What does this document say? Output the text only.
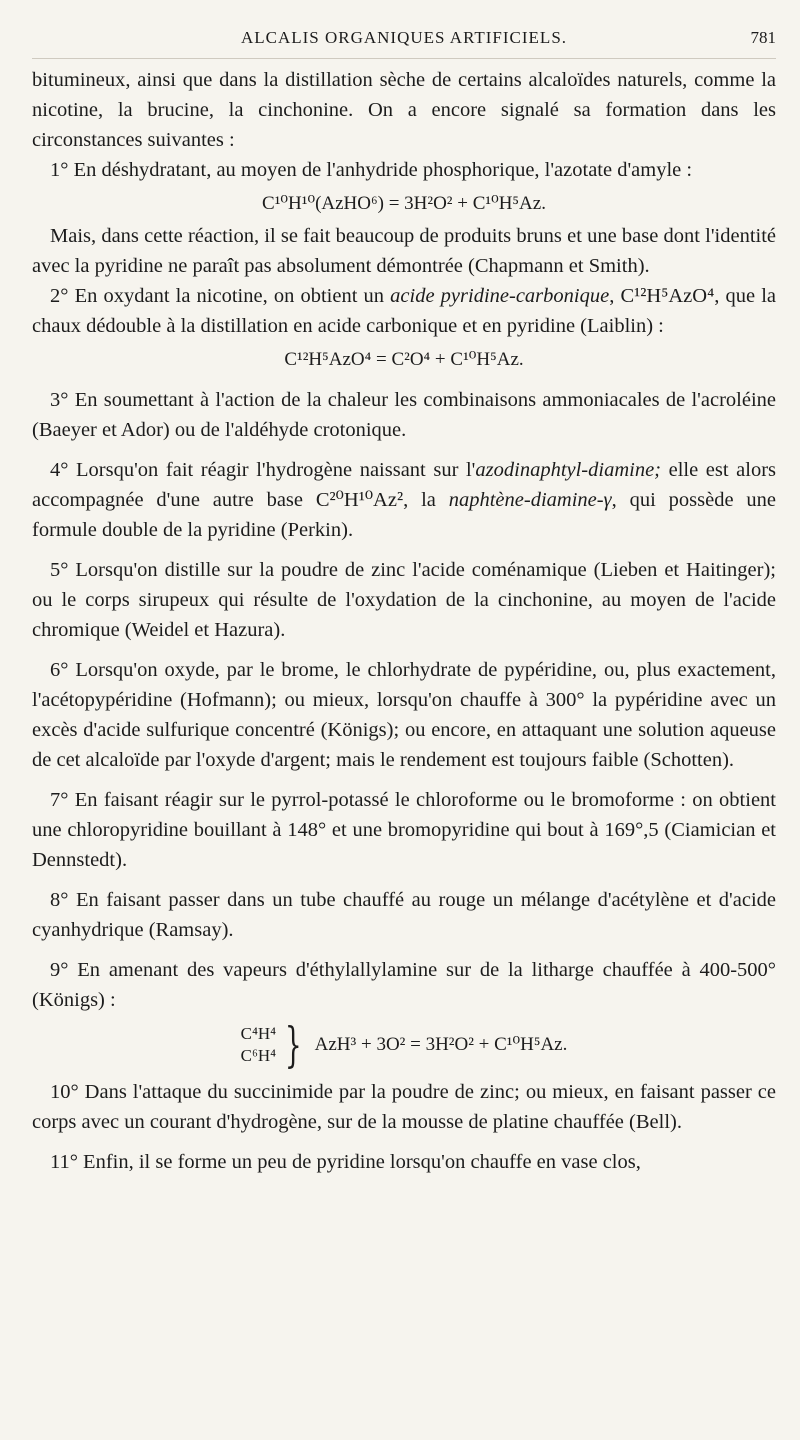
ALCALIS ORGANIQUES ARTIFICIELS.	781

bitumineux, ainsi que dans la distillation sèche de certains alcaloïdes naturels, comme la nicotine, la brucine, la cinchonine. On a encore signalé sa formation dans les circonstances suivantes :

1° En déshydratant, au moyen de l'anhydride phosphorique, l'azotate d'amyle :

C¹⁰H¹⁰(AzHO⁶) = 3H²O² + C¹⁰H⁵Az.

Mais, dans cette réaction, il se fait beaucoup de produits bruns et une base dont l'identité avec la pyridine ne paraît pas absolument démontrée (Chapmann et Smith).

2° En oxydant la nicotine, on obtient un acide pyridine-carbonique, C¹²H⁵AzO⁴, que la chaux dédouble à la distillation en acide carbonique et en pyridine (Laiblin) :

C¹²H⁵AzO⁴ = C²O⁴ + C¹⁰H⁵Az.

3° En soumettant à l'action de la chaleur les combinaisons ammoniacales de l'acroléine (Baeyer et Ador) ou de l'aldéhyde crotonique.

4° Lorsqu'on fait réagir l'hydrogène naissant sur l'azodinaphtyl-diamine; elle est alors accompagnée d'une autre base C²⁰H¹⁰Az², la naphtène-diamine-γ, qui possède une formule double de la pyridine (Perkin).

5° Lorsqu'on distille sur la poudre de zinc l'acide coménamique (Lieben et Haitinger); ou le corps sirupeux qui résulte de l'oxydation de la cinchonine, au moyen de l'acide chromique (Weidel et Hazura).

6° Lorsqu'on oxyde, par le brome, le chlorhydrate de pypéridine, ou, plus exactement, l'acétopypéridine (Hofmann); ou mieux, lorsqu'on chauffe à 300° la pypéridine avec un excès d'acide sulfurique concentré (Königs); ou encore, en attaquant une solution aqueuse de cet alcaloïde par l'oxyde d'argent; mais le rendement est toujours faible (Schotten).

7° En faisant réagir sur le pyrrol-potassé le chloroforme ou le bromoforme : on obtient une chloropyridine bouillant à 148° et une bromopyridine qui bout à 169°,5 (Ciamician et Dennstedt).

8° En faisant passer dans un tube chauffé au rouge un mélange d'acétylène et d'acide cyanhydrique (Ramsay).

9° En amenant des vapeurs d'éthylallylamine sur de la litharge chauffée à 400-500° (Königs) :

C⁴H⁴
C⁶H⁴ } AzH³ + 3O² = 3H²O² + C¹⁰H⁵Az.

10° Dans l'attaque du succinimide par la poudre de zinc; ou mieux, en faisant passer ce corps avec un courant d'hydrogène, sur de la mousse de platine chauffée (Bell).

11° Enfin, il se forme un peu de pyridine lorsqu'on chauffe en vase clos,
